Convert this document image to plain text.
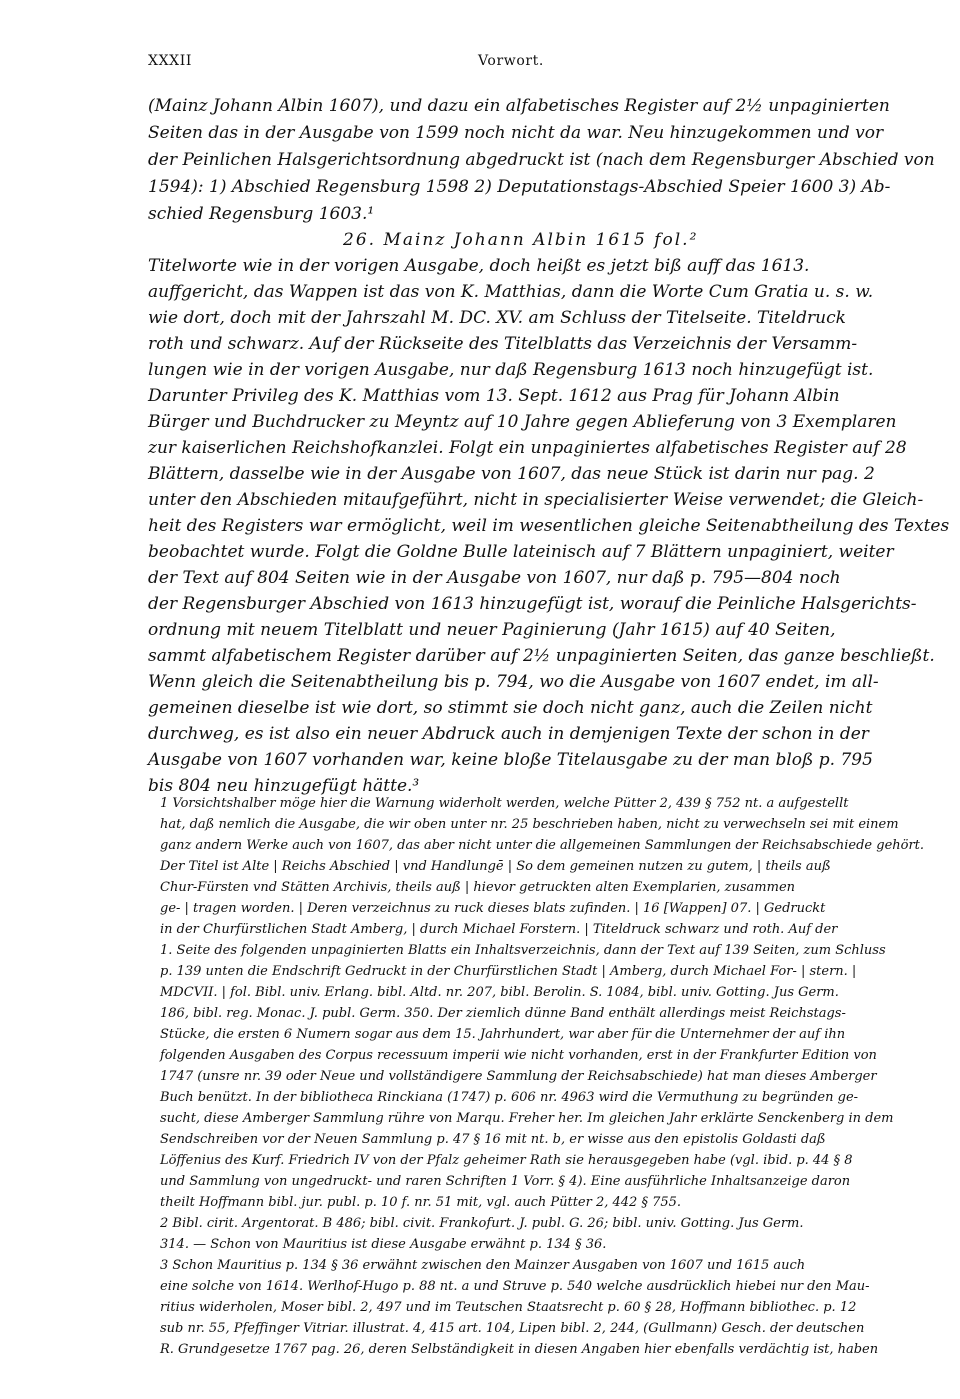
XXXII	Vorwort.
(Mainz Johann Albin 1607), und dazu ein alfabetisches Register auf 2½ unpaginierten
Seiten das in der Ausgabe von 1599 noch nicht da war. Neu hinzugekommen und vor
der Peinlichen Halsgerichtsordnung abgedruckt ist (nach dem Regensburger Abschied von
1594): 1) Abschied Regensburg 1598 2) Deputationstags-Abschied Speier 1600 3) Ab-
schied Regensburg 1603.¹
26. Mainz Johann Albin 1615 fol.²
Titelworte wie in der vorigen Ausgabe, doch heißt es jetzt biß auff das 1613.
auffgericht, das Wappen ist das von K. Matthias, dann die Worte Cum Gratia u. s. w.
wie dort, doch mit der Jahrszahl M. DC. XV. am Schluss der Titelseite. Titeldruck
roth und schwarz. Auf der Rückseite des Titelblatts das Verzeichnis der Versamm-
lungen wie in der vorigen Ausgabe, nur daß Regensburg 1613 noch hinzugefügt ist.
Darunter Privileg des K. Matthias vom 13. Sept. 1612 aus Prag für Johann Albin
Bürger und Buchdrucker zu Meyntz auf 10 Jahre gegen Ablieferung von 3 Exemplaren
zur kaiserlichen Reichshofkanzlei. Folgt ein unpaginiertes alfabetisches Register auf 28
Blättern, dasselbe wie in der Ausgabe von 1607, das neue Stück ist darin nur pag. 2
unter den Abschieden mitaufgeführt, nicht in specialisierter Weise verwendet; die Gleich-
heit des Registers war ermöglicht, weil im wesentlichen gleiche Seitenabtheilung des Textes
beobachtet wurde. Folgt die Goldne Bulle lateinisch auf 7 Blättern unpaginiert, weiter
der Text auf 804 Seiten wie in der Ausgabe von 1607, nur daß p. 795—804 noch
der Regensburger Abschied von 1613 hinzugefügt ist, worauf die Peinliche Halsgerichts-
ordnung mit neuem Titelblatt und neuer Paginierung (Jahr 1615) auf 40 Seiten,
sammt alfabetischem Register darüber auf 2½ unpaginierten Seiten, das ganze beschließt.
Wenn gleich die Seitenabtheilung bis p. 794, wo die Ausgabe von 1607 endet, im all-
gemeinen dieselbe ist wie dort, so stimmt sie doch nicht ganz, auch die Zeilen nicht
durchweg, es ist also ein neuer Abdruck auch in demjenigen Texte der schon in der
Ausgabe von 1607 vorhanden war, keine bloße Titelausgabe zu der man bloß p. 795
bis 804 neu hinzugefügt hätte.³
1 Vorsichtshalber möge hier die Warnung widerholt werden, welche Pütter 2, 439 § 752 nt. a aufgestellt
hat, daß nemlich die Ausgabe, die wir oben unter nr. 25 beschrieben haben, nicht zu verwechseln sei mit einem
ganz andern Werke auch von 1607, das aber nicht unter die allgemeinen Sammlungen der Reichsabschiede gehört.
Der Titel ist Alte | Reichs Abschied | vnd Handlungē | So dem gemeinen nutzen zu gutem, | theils auß
Chur-Fürsten vnd Stätten Archivis, theils auß | hievor getruckten alten Exemplarien, zusammen
ge- | tragen worden. | Deren verzeichnus zu ruck dieses blats zufinden. | 16 [Wappen] 07. | Gedruckt
in der Churfürstlichen Stadt Amberg, | durch Michael Forstern. | Titeldruck schwarz und roth. Auf der
1. Seite des folgenden unpaginierten Blatts ein Inhaltsverzeichnis, dann der Text auf 139 Seiten, zum Schluss
p. 139 unten die Endschrift Gedruckt in der Churfürstlichen Stadt | Amberg, durch Michael For- | stern. |
MDCVII. | fol. Bibl. univ. Erlang. bibl. Altd. nr. 207, bibl. Berolin. S. 1084, bibl. univ. Gotting. Jus Germ.
186, bibl. reg. Monac. J. publ. Germ. 350. Der ziemlich dünne Band enthält allerdings meist Reichstags-
Stücke, die ersten 6 Numern sogar aus dem 15. Jahrhundert, war aber für die Unternehmer der auf ihn
folgenden Ausgaben des Corpus recessuum imperii wie nicht vorhanden, erst in der Frankfurter Edition von
1747 (unsre nr. 39 oder Neue und vollständigere Sammlung der Reichsabschiede) hat man dieses Amberger
Buch benützt. In der bibliotheca Rinckiana (1747) p. 606 nr. 4963 wird die Vermuthung zu begründen ge-
sucht, diese Amberger Sammlung rühre von Marqu. Freher her. Im gleichen Jahr erklärte Senckenberg in dem
Sendschreiben vor der Neuen Sammlung p. 47 § 16 mit nt. b, er wisse aus den epistolis Goldasti daß
Löffenius des Kurf. Friedrich IV von der Pfalz geheimer Rath sie herausgegeben habe (vgl. ibid. p. 44 § 8
und Sammlung von ungedruckt- und raren Schriften 1 Vorr. § 4). Eine ausführliche Inhaltsanzeige daron
theilt Hoffmann bibl. jur. publ. p. 10 f. nr. 51 mit, vgl. auch Pütter 2, 442 § 755.
2 Bibl. cirit. Argentorat. B 486; bibl. civit. Frankofurt. J. publ. G. 26; bibl. univ. Gotting. Jus Germ.
314. — Schon von Mauritius ist diese Ausgabe erwähnt p. 134 § 36.
3 Schon Mauritius p. 134 § 36 erwähnt zwischen den Mainzer Ausgaben von 1607 und 1615 auch
eine solche von 1614. Werlhof-Hugo p. 88 nt. a und Struve p. 540 welche ausdrücklich hiebei nur den Mau-
ritius widerholen, Moser bibl. 2, 497 und im Teutschen Staatsrecht p. 60 § 28, Hoffmann bibliothec. p. 12
sub nr. 55, Pfeffinger Vitriar. illustrat. 4, 415 art. 104, Lipen bibl. 2, 244, (Gullmann) Gesch. der deutschen
R. Grundgesetze 1767 pag. 26, deren Selbständigkeit in diesen Angaben hier ebenfalls verdächtig ist, haben
